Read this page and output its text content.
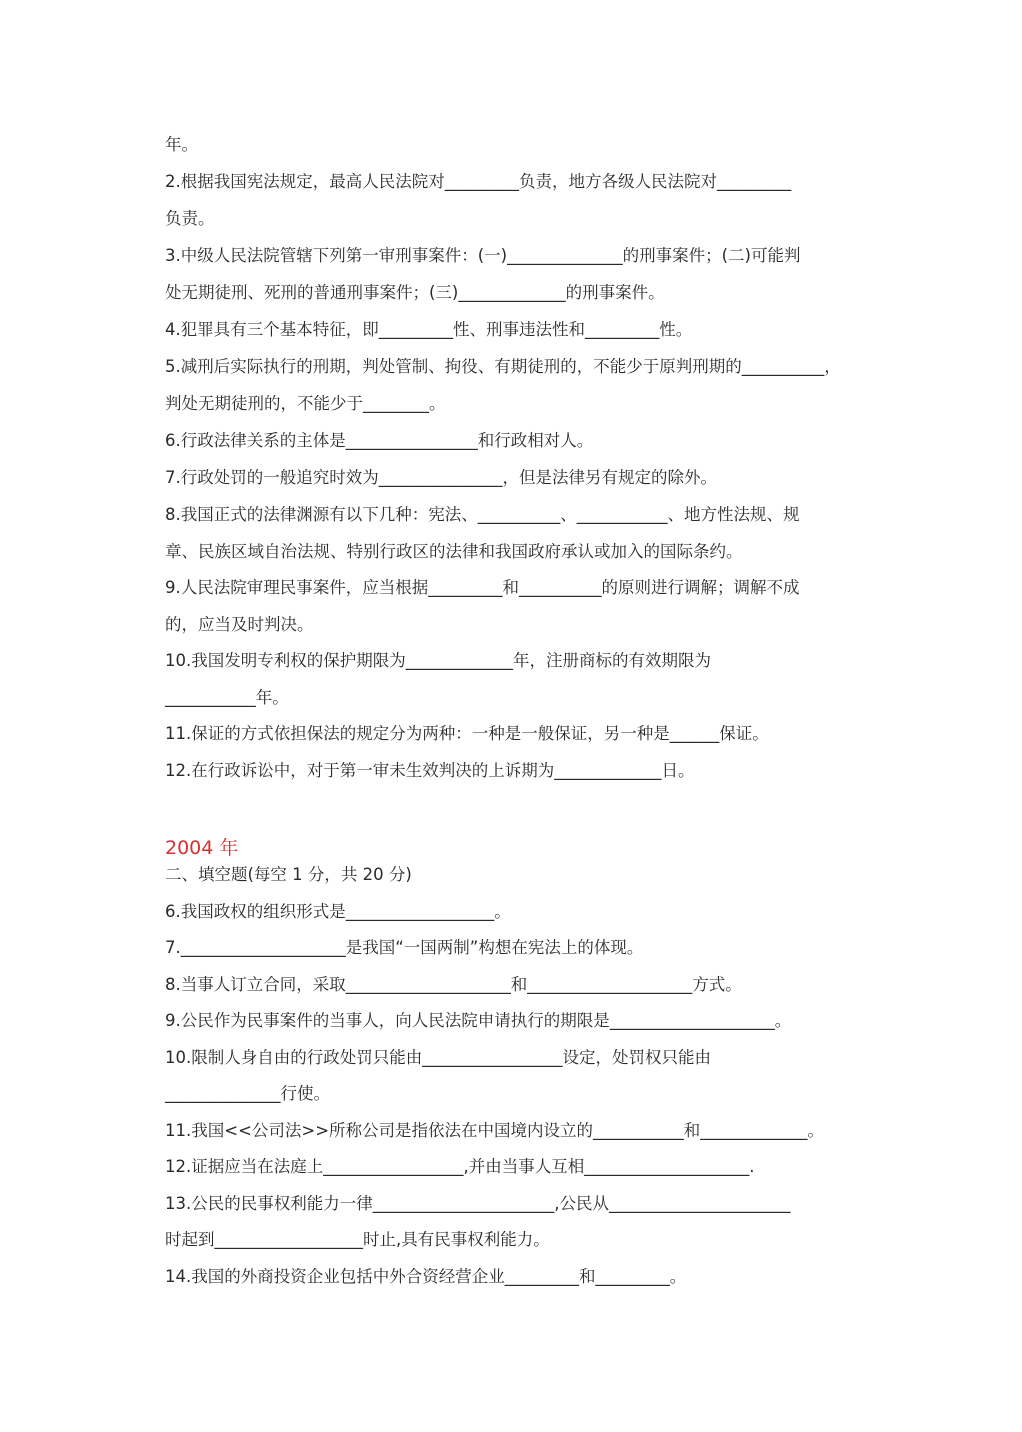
年。
2.根据我国宪法规定，最高人民法院对_________负责，地方各级人民法院对_________
负责。
3.中级人民法院管辖下列第一审刑事案件：(一)______________的刑事案件；(二)可能判
处无期徒刑、死刑的普通刑事案件；(三)_____________的刑事案件。
4.犯罪具有三个基本特征，即_________性、刑事违法性和_________性。
5.减刑后实际执行的刑期，判处管制、拘役、有期徒刑的，不能少于原判刑期的__________，
判处无期徒刑的，不能少于________。
6.行政法律关系的主体是________________和行政相对人。
7.行政处罚的一般追究时效为_______________，但是法律另有规定的除外。
8.我国正式的法律渊源有以下几种：宪法、__________、___________、地方性法规、规
章、民族区域自治法规、特别行政区的法律和我国政府承认或加入的国际条约。
9.人民法院审理民事案件，应当根据_________和__________的原则进行调解；调解不成
的，应当及时判决。
10.我国发明专利权的保护期限为_____________年，注册商标的有效期限为
___________年。
11.保证的方式依担保法的规定分为两种：一种是一般保证，另一种是______保证。
12.在行政诉讼中，对于第一审未生效判决的上诉期为_____________日。
2004 年
二、填空题(每空 1 分，共 20 分)
6.我国政权的组织形式是__________________。
7.____________________是我国“一国两制”构想在宪法上的体现。
8.当事人订立合同，采取____________________和____________________方式。
9.公民作为民事案件的当事人，向人民法院申请执行的期限是____________________。
10.限制人身自由的行政处罚只能由_________________设定，处罚权只能由
______________行使。
11.我国<<公司法>>所称公司是指依法在中国境内设立的___________和_____________。
12.证据应当在法庭上_________________,并由当事人互相____________________.
13.公民的民事权利能力一律______________________,公民从______________________
时起到__________________时止,具有民事权利能力。
14.我国的外商投资企业包括中外合资经营企业_________和_________。
